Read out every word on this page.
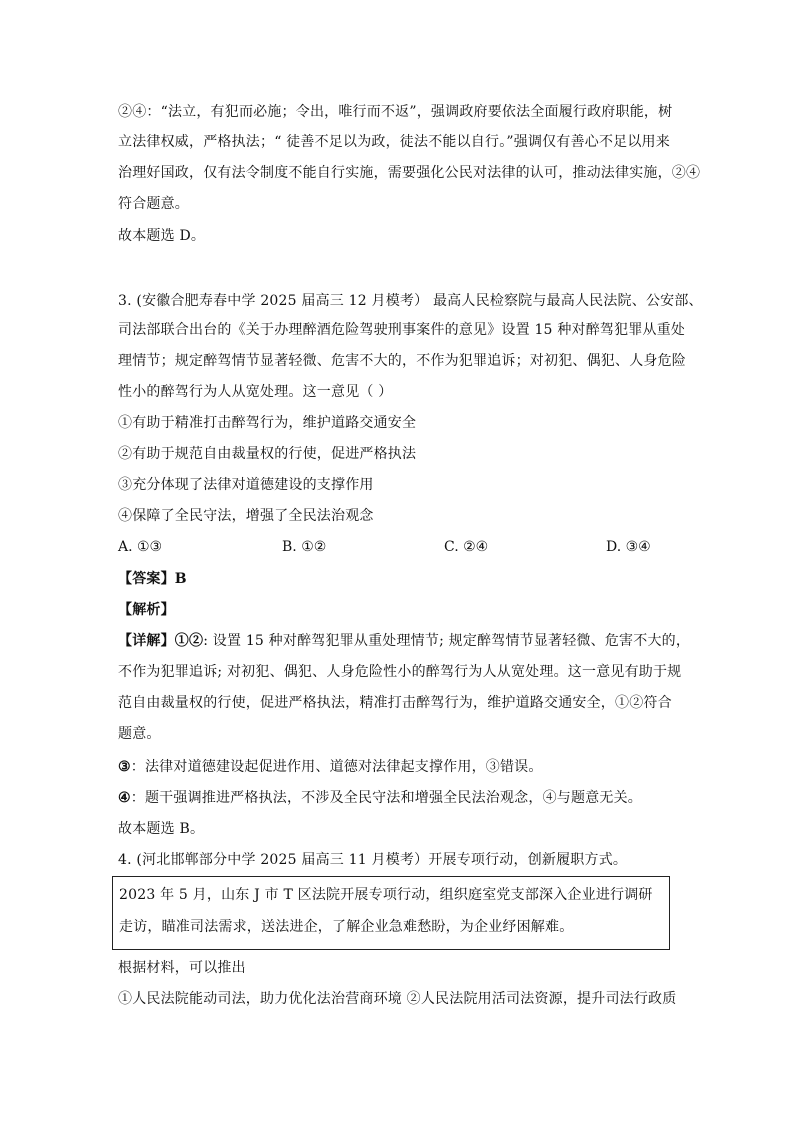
②④：“法立，有犯而必施；令出，唯行而不返”，强调政府要依法全面履行政府职能，树
立法律权威，严格执法；“ 徒善不足以为政，徒法不能以自行。”强调仅有善心不足以用来
治理好国政，仅有法令制度不能自行实施，需要强化公民对法律的认可，推动法律实施，②④
符合题意。
故本题选 D。
3. (安徽合肥寿春中学 2025 届高三 12 月模考） 最高人民检察院与最高人民法院、公安部、
司法部联合出台的《关于办理醉酒危险驾驶刑事案件的意见》设置 15 种对醉驾犯罪从重处
理情节；规定醉驾情节显著轻微、危害不大的，不作为犯罪追诉；对初犯、偶犯、人身危险
性小的醉驾行为人从宽处理。这一意见（ ）
①有助于精准打击醉驾行为，维护道路交通安全
②有助于规范自由裁量权的行使，促进严格执法
③充分体现了法律对道德建设的支撑作用
④保障了全民守法，增强了全民法治观念
A. ①③	B. ①②	C. ②④	D. ③④
【答案】B
【解析】
【详解】①②: 设置 15 种对醉驾犯罪从重处理情节; 规定醉驾情节显著轻微、危害不大的，
不作为犯罪追诉; 对初犯、偶犯、人身危险性小的醉驾行为人从宽处理。这一意见有助于规
范自由裁量权的行使，促进严格执法，精准打击醉驾行为，维护道路交通安全，①②符合
题意。
③：法律对道德建设起促进作用、道德对法律起支撑作用，③错误。
④：题干强调推进严格执法，不涉及全民守法和增强全民法治观念，④与题意无关。
故本题选 B。
4. (河北邯郸部分中学 2025 届高三 11 月模考）开展专项行动，创新履职方式。
2023 年 5 月，山东 J 市 T 区法院开展专项行动，组织庭室党支部深入企业进行调研
走访，瞄准司法需求，送法进企，了解企业急难愁盼，为企业纾困解难。
根据材料，可以推出
①人民法院能动司法，助力优化法治营商环境 ②人民法院用活司法资源，提升司法行政质
